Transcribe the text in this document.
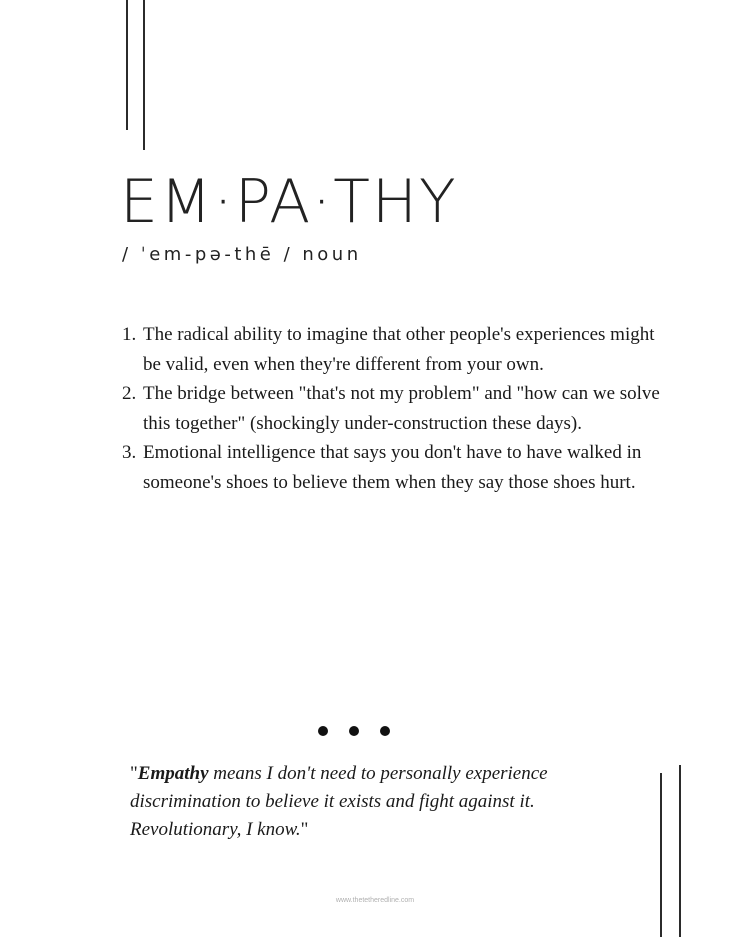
EM·PA·THY
/ ˈem-pə-thē / noun
1. The radical ability to imagine that other people's experiences might be valid, even when they're different from your own.
2. The bridge between "that's not my problem" and "how can we solve this together" (shockingly under-construction these days).
3. Emotional intelligence that says you don't have to have walked in someone's shoes to believe them when they say those shoes hurt.
"Empathy means I don't need to personally experience discrimination to believe it exists and fight against it. Revolutionary, I know."
www.thetetheredline.com
